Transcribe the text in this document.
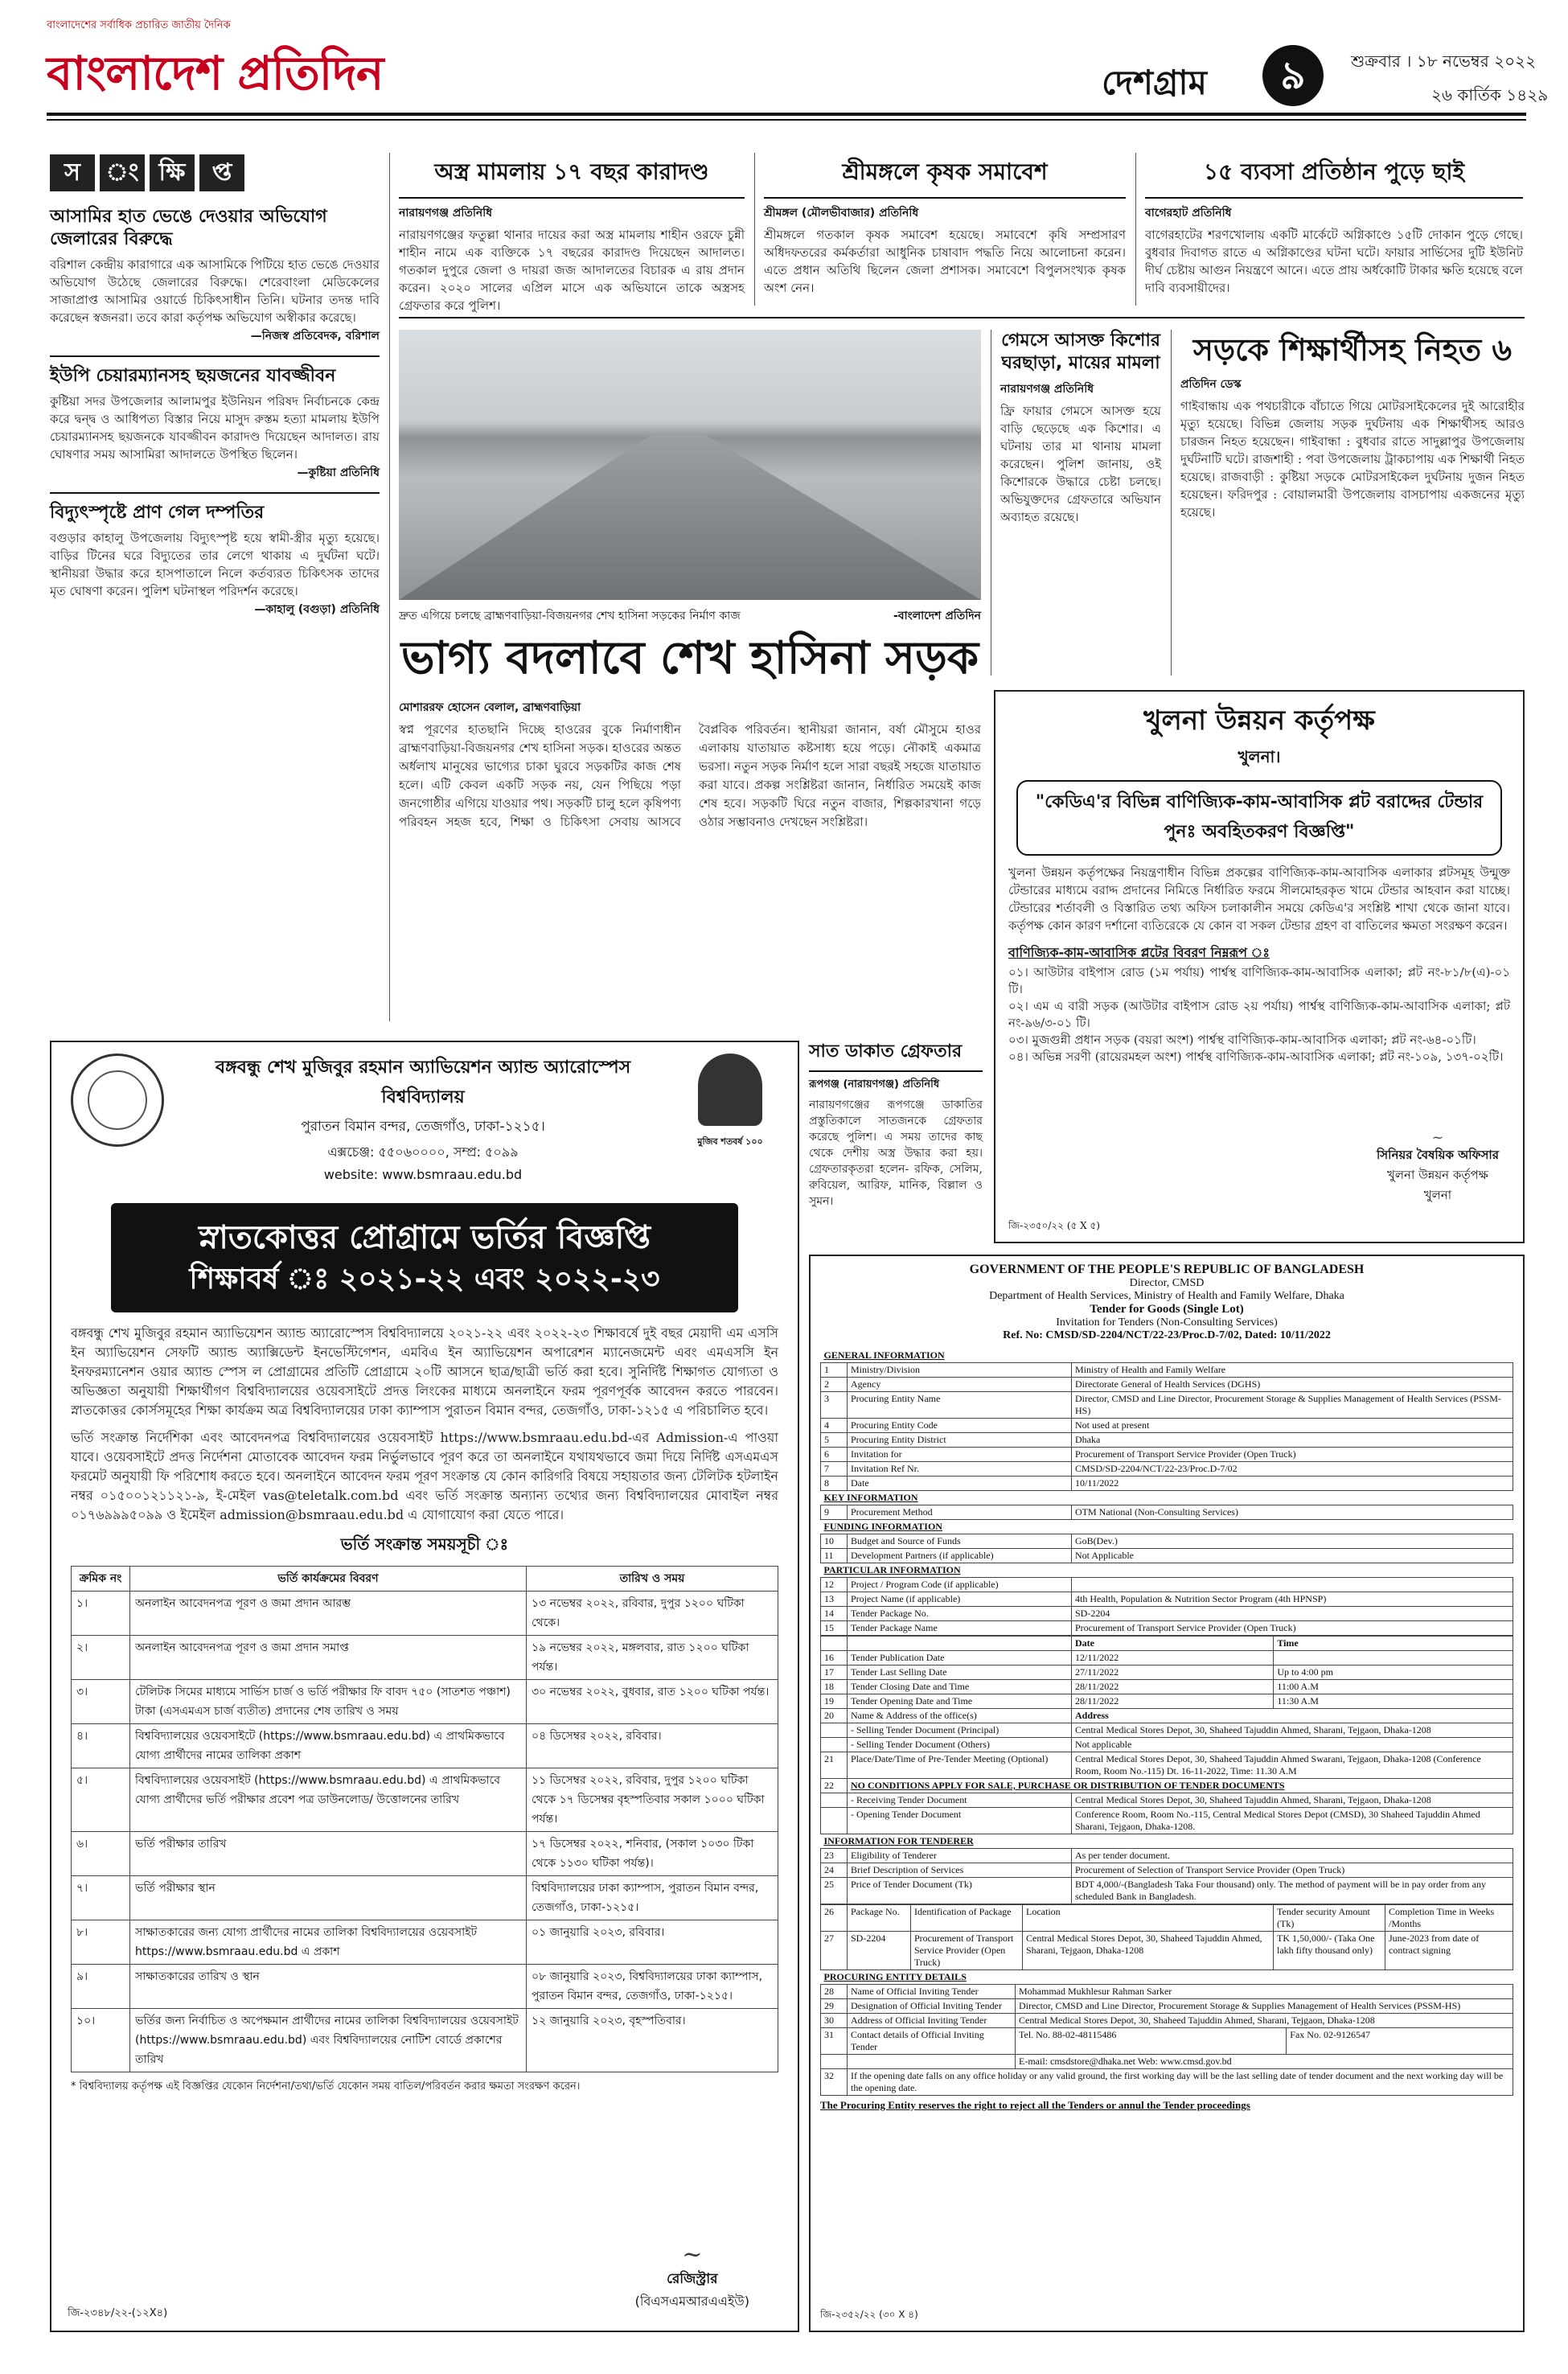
বাংলাদেশের সর্বাধিক প্রচারিত জাতীয় দৈনিক
বাংলাদেশ প্রতিদিন	দেশগ্রাম	৯	শুক্রবার । ১৮ নভেম্বর ২০২২
২৬ কার্তিক ১৪২৯
স	ং ক্ষি	প্ত
আসামির হাত ভেঙে দেওয়ার অভিযোগ জেলারের বিরুদ্ধে
বরিশাল কেন্দ্রীয় কারাগারে এক আসামিকে পিটিয়ে হাত ভেঙে দেওয়ার অভিযোগ উঠেছে জেলারের বিরুদ্ধে। শেরেবাংলা মেডিকেলের সাজাপ্রাপ্ত আসামির ওয়ার্ডে চিকিৎসাধীন তিনি। ঘটনার তদন্ত দাবি করেছেন স্বজনরা। তবে কারা কর্তৃপক্ষ অভিযোগ অস্বীকার করেছে।
—নিজস্ব প্রতিবেদক, বরিশাল
ইউপি চেয়ারম্যানসহ ছয়জনের যাবজ্জীবন
কুষ্টিয়া সদর উপজেলার আলামপুর ইউনিয়ন পরিষদ নির্বাচনকে কেন্দ্র করে দ্বন্দ্ব ও আধিপত্য বিস্তার নিয়ে মাসুদ রুস্তম হত্যা মামলায় ইউপি চেয়ারম্যানসহ ছয়জনকে যাবজ্জীবন কারাদণ্ড দিয়েছেন আদালত। রায় ঘোষণার সময় আসামিরা আদালতে উপস্থিত ছিলেন।
—কুষ্টিয়া প্রতিনিধি
বিদ্যুৎস্পৃষ্টে প্রাণ গেল দম্পতির
বগুড়ার কাহালু উপজেলায় বিদ্যুৎস্পৃষ্ট হয়ে স্বামী-স্ত্রীর মৃত্যু হয়েছে। বাড়ির টিনের ঘরে বিদ্যুতের তার লেগে থাকায় এ দুর্ঘটনা ঘটে। স্থানীয়রা উদ্ধার করে হাসপাতালে নিলে কর্তব্যরত চিকিৎসক তাদের মৃত ঘোষণা করেন। পুলিশ ঘটনাস্থল পরিদর্শন করেছে।
—কাহালু (বগুড়া) প্রতিনিধি
অস্ত্র মামলায় ১৭ বছর কারাদণ্ড
নারায়ণগঞ্জ প্রতিনিধি
নারায়ণগঞ্জের ফতুল্লা থানার দায়ের করা অস্ত্র মামলায় শাহীন ওরফে চুন্নী শাহীন নামে এক ব্যক্তিকে ১৭ বছরের কারাদণ্ড দিয়েছেন আদালত। গতকাল দুপুরে জেলা ও দায়রা জজ আদালতের বিচারক এ রায় প্রদান করেন। ২০২০ সালের এপ্রিল মাসে এক অভিযানে তাকে অস্ত্রসহ গ্রেফতার করে পুলিশ।
শ্রীমঙ্গলে কৃষক সমাবেশ
শ্রীমঙ্গল (মৌলভীবাজার) প্রতিনিধি
শ্রীমঙ্গলে গতকাল কৃষক সমাবেশ হয়েছে। সমাবেশে কৃষি সম্প্রসারণ অধিদফতরের কর্মকর্তারা আধুনিক চাষাবাদ পদ্ধতি নিয়ে আলোচনা করেন। এতে প্রধান অতিথি ছিলেন জেলা প্রশাসক। সমাবেশে বিপুলসংখ্যক কৃষক অংশ নেন।
১৫ ব্যবসা প্রতিষ্ঠান পুড়ে ছাই
বাগেরহাট প্রতিনিধি
বাগেরহাটের শরণখোলায় একটি মার্কেটে অগ্নিকাণ্ডে ১৫টি দোকান পুড়ে গেছে। বুধবার দিবাগত রাতে এ অগ্নিকাণ্ডের ঘটনা ঘটে। ফায়ার সার্ভিসের দুটি ইউনিট দীর্ঘ চেষ্টায় আগুন নিয়ন্ত্রণে আনে। এতে প্রায় অর্ধকোটি টাকার ক্ষতি হয়েছে বলে দাবি ব্যবসায়ীদের।
দ্রুত এগিয়ে চলছে ব্রাহ্মণবাড়িয়া-বিজয়নগর শেখ হাসিনা সড়কের নির্মাণ কাজ	-বাংলাদেশ প্রতিদিন
ভাগ্য বদলাবে শেখ হাসিনা সড়ক
মোশাররফ হোসেন বেলাল, ব্রাহ্মণবাড়িয়া
স্বপ্ন পূরণের হাতছানি দিচ্ছে হাওরের বুকে নির্মাণাধীন ব্রাহ্মণবাড়িয়া-বিজয়নগর শেখ হাসিনা সড়ক। হাওরের অন্তত অর্ধলাখ মানুষের ভাগ্যের চাকা ঘুরবে সড়কটির কাজ শেষ হলে। এটি কেবল একটি সড়ক নয়, যেন পিছিয়ে পড়া জনগোষ্ঠীর এগিয়ে যাওয়ার পথ। সড়কটি চালু হলে কৃষিপণ্য পরিবহন সহজ হবে, শিক্ষা ও চিকিৎসা সেবায় আসবে বৈপ্লবিক পরিবর্তন। স্থানীয়রা জানান, বর্ষা মৌসুমে হাওর এলাকায় যাতায়াত কষ্টসাধ্য হয়ে পড়ে। নৌকাই একমাত্র ভরসা। নতুন সড়ক নির্মাণ হলে সারা বছরই সহজে যাতায়াত করা যাবে। প্রকল্প সংশ্লিষ্টরা জানান, নির্ধারিত সময়েই কাজ শেষ হবে। সড়কটি ঘিরে নতুন বাজার, শিল্পকারখানা গড়ে ওঠার সম্ভাবনাও দেখছেন সংশ্লিষ্টরা।
গেমসে আসক্ত কিশোর ঘরছাড়া, মায়ের মামলা
নারায়ণগঞ্জ প্রতিনিধি
ফ্রি ফায়ার গেমসে আসক্ত হয়ে বাড়ি ছেড়েছে এক কিশোর। এ ঘটনায় তার মা থানায় মামলা করেছেন। পুলিশ জানায়, ওই কিশোরকে উদ্ধারে চেষ্টা চলছে। অভিযুক্তদের গ্রেফতারে অভিযান অব্যাহত রয়েছে।
সড়কে শিক্ষার্থীসহ নিহত ৬
প্রতিদিন ডেস্ক
গাইবান্ধায় এক পথচারীকে বাঁচাতে গিয়ে মোটরসাইকেলের দুই আরোহীর মৃত্যু হয়েছে। বিভিন্ন জেলায় সড়ক দুর্ঘটনায় এক শিক্ষার্থীসহ আরও চারজন নিহত হয়েছেন। গাইবান্ধা : বুধবার রাতে সাদুল্লাপুর উপজেলায় দুর্ঘটনাটি ঘটে। রাজশাহী : পবা উপজেলায় ট্রাকচাপায় এক শিক্ষার্থী নিহত হয়েছে। রাজবাড়ী : কুষ্টিয়া সড়কে মোটরসাইকেল দুর্ঘটনায় দুজন নিহত হয়েছেন। ফরিদপুর : বোয়ালমারী উপজেলায় বাসচাপায় একজনের মৃত্যু হয়েছে।
খুলনা উন্নয়ন কর্তৃপক্ষ
খুলনা।
"কেডিএ'র বিভিন্ন বাণিজ্যিক-কাম-আবাসিক প্লট বরাদ্দের টেন্ডার পুনঃ অবহিতকরণ বিজ্ঞপ্তি"
খুলনা উন্নয়ন কর্তৃপক্ষের নিয়ন্ত্রণাধীন বিভিন্ন প্রকল্পের বাণিজ্যিক-কাম-আবাসিক এলাকার প্লটসমূহ উন্মুক্ত টেন্ডারের মাধ্যমে বরাদ্দ প্রদানের নিমিত্তে নির্ধারিত ফরমে সীলমোহরকৃত খামে টেন্ডার আহবান করা যাচ্ছে। টেন্ডারের শর্তাবলী ও বিস্তারিত তথ্য অফিস চলাকালীন সময়ে কেডিএ'র সংশ্লিষ্ট শাখা থেকে জানা যাবে। কর্তৃপক্ষ কোন কারণ দর্শানো ব্যতিরেকে যে কোন বা সকল টেন্ডার গ্রহণ বা বাতিলের ক্ষমতা সংরক্ষণ করেন।
বাণিজ্যিক-কাম-আবাসিক প্লটের বিবরণ নিম্নরূপ ঃ
০১। আউটার বাইপাস রোড (১ম পর্যায়) পার্শ্বস্থ বাণিজ্যিক-কাম-আবাসিক এলাকা; প্লট নং-৮১/৮(এ)-০১ টি।
০২। এম এ বারী সড়ক (আউটার বাইপাস রোড ২য় পর্যায়) পার্শ্বস্থ বাণিজ্যিক-কাম-আবাসিক এলাকা; প্লট নং-৯৬/৩-০১ টি।
০৩। মুজগুন্নী প্রধান সড়ক (বয়রা অংশ) পার্শ্বস্থ বাণিজ্যিক-কাম-আবাসিক এলাকা; প্লট নং-৬৪-০১টি।
০৪। অভিন্ন সরণী (রায়েরমহল অংশ) পার্শ্বস্থ বাণিজ্যিক-কাম-আবাসিক এলাকা; প্লট নং-১০৯, ১৩৭-০২টি।
~
সিনিয়র বৈষয়িক অফিসার
খুলনা উন্নয়ন কর্তৃপক্ষ
খুলনা
জি-২৩৫০/২২ (৫ X ৫)
সাত ডাকাত গ্রেফতার
রূপগঞ্জ (নারায়ণগঞ্জ) প্রতিনিধি
নারায়ণগঞ্জের রূপগঞ্জে ডাকাতির প্রস্তুতিকালে সাতজনকে গ্রেফতার করেছে পুলিশ। এ সময় তাদের কাছ থেকে দেশীয় অস্ত্র উদ্ধার করা হয়। গ্রেফতারকৃতরা হলেন- রফিক, সেলিম, রুবিয়েল, আরিফ, মানিক, বিল্লাল ও সুমন।
বঙ্গবন্ধু শেখ মুজিবুর রহমান অ্যাভিয়েশন অ্যান্ড অ্যারোস্পেস বিশ্ববিদ্যালয়
পুরাতন বিমান বন্দর, তেজগাঁও, ঢাকা-১২১৫।
এক্সচেঞ্জ: ৫৫০৬০০০০, সম্প্র: ৫০৯৯
website: www.bsmraau.edu.bd
মুজিব শতবর্ষ ১০০
স্নাতকোত্তর প্রোগ্রামে ভর্তির বিজ্ঞপ্তি
শিক্ষাবর্ষ ঃ ২০২১-২২ এবং ২০২২-২৩
বঙ্গবন্ধু শেখ মুজিবুর রহমান অ্যাভিয়েশন অ্যান্ড অ্যারোস্পেস বিশ্ববিদ্যালয়ে ২০২১-২২ এবং ২০২২-২৩ শিক্ষাবর্ষে দুই বছর মেয়াদী এম এসসি ইন অ্যাভিয়েশন সেফটি অ্যান্ড অ্যাক্সিডেন্ট ইনভেস্টিগেশন, এমবিএ ইন অ্যাভিয়েশন অপারেশন ম্যানেজমেন্ট এবং এমএসসি ইন ইনফরম্যানেশন ওয়ার অ্যান্ড স্পেস ল প্রোগ্রামের প্রতিটি প্রোগ্রামে ২০টি আসনে ছাত্র/ছাত্রী ভর্তি করা হবে। সুনির্দিষ্ট শিক্ষাগত যোগ্যতা ও অভিজ্ঞতা অনুযায়ী শিক্ষার্থীগণ বিশ্ববিদ্যালয়ের ওয়েবসাইটে প্রদত্ত লিংকের মাধ্যমে অনলাইনে ফরম পূরণপূর্বক আবেদন করতে পারবেন। স্নাতকোত্তর কোর্সসমূহের শিক্ষা কার্যক্রম অত্র বিশ্ববিদ্যালয়ের ঢাকা ক্যাম্পাস পুরাতন বিমান বন্দর, তেজগাঁও, ঢাকা-১২১৫ এ পরিচালিত হবে।
ভর্তি সংক্রান্ত নির্দেশিকা এবং আবেদনপত্র বিশ্ববিদ্যালয়ের ওয়েবসাইট https://www.bsmraau.edu.bd-এর Admission-এ পাওয়া যাবে। ওয়েবসাইটে প্রদত্ত নির্দেশনা মোতাবেক আবেদন ফরম নির্ভুলভাবে পূরণ করে তা অনলাইনে যথাযথভাবে জমা দিয়ে নির্দিষ্ট এসএমএস ফরমেট অনুযায়ী ফি পরিশোধ করতে হবে। অনলাইনে আবেদন ফরম পূরণ সংক্রান্ত যে কোন কারিগরি বিষয়ে সহায়তার জন্য টেলিটক হটলাইন নম্বর ০১৫০০১২১১২১-৯, ই-মেইল vas@teletalk.com.bd এবং ভর্তি সংক্রান্ত অন্যান্য তথ্যের জন্য বিশ্ববিদ্যালয়ের মোবাইল নম্বর ০১৭৬৯৯৯৫০৯৯ ও ইমেইল admission@bsmraau.edu.bd এ যোগাযোগ করা যেতে পারে।
ভর্তি সংক্রান্ত সময়সূচী ঃ
ক্রমিক নং	ভর্তি কার্যক্রমের বিবরণ	তারিখ ও সময়
১।	অনলাইন আবেদনপত্র পূরণ ও জমা প্রদান আরম্ভ	১৩ নভেম্বর ২০২২, রবিবার, দুপুর ১২০০ ঘটিকা থেকে।
২।	অনলাইন আবেদনপত্র পূরণ ও জমা প্রদান সমাপ্ত	১৯ নভেম্বর ২০২২, মঙ্গলবার, রাত ১২০০ ঘটিকা পর্যন্ত।
৩।	টেলিটক সিমের মাধ্যমে সার্ভিস চার্জ ও ভর্তি পরীক্ষার ফি বাবদ ৭৫০ (সাতশত পঞ্চাশ) টাকা (এসএমএস চার্জ ব্যতীত) প্রদানের শেষ তারিখ ও সময়	৩০ নভেম্বর ২০২২, বুধবার, রাত ১২০০ ঘটিকা পর্যন্ত।
৪।	বিশ্ববিদ্যালয়ের ওয়েবসাইটে (https://www.bsmraau.edu.bd) এ প্রাথমিকভাবে যোগ্য প্রার্থীদের নামের তালিকা প্রকাশ	০৪ ডিসেম্বর ২০২২, রবিবার।
৫।	বিশ্ববিদ্যালয়ের ওয়েবসাইট (https://www.bsmraau.edu.bd) এ প্রাথমিকভাবে যোগ্য প্রার্থীদের ভর্তি পরীক্ষার প্রবেশ পত্র ডাউনলোড/ উত্তোলনের তারিখ	১১ ডিসেম্বর ২০২২, রবিবার, দুপুর ১২০০ ঘটিকা থেকে ১৭ ডিসেম্বর বৃহস্পতিবার সকাল ১০০০ ঘটিকা পর্যন্ত।
৬।	ভর্তি পরীক্ষার তারিখ	১৭ ডিসেম্বর ২০২২, শনিবার, (সকাল ১০৩০ টিকা থেকে ১১৩০ ঘটিকা পর্যন্ত)।
৭।	ভর্তি পরীক্ষার স্থান	বিশ্ববিদ্যালয়ের ঢাকা ক্যাম্পাস, পুরাতন বিমান বন্দর, তেজগাঁও, ঢাকা-১২১৫।
৮।	সাক্ষাতকারের জন্য যোগ্য প্রার্থীদের নামের তালিকা বিশ্ববিদ্যালয়ের ওয়েবসাইট https://www.bsmraau.edu.bd এ প্রকাশ	০১ জানুয়ারি ২০২৩, রবিবার।
৯।	সাক্ষাতকারের তারিখ ও স্থান	০৮ জানুয়ারি ২০২৩, বিশ্ববিদ্যালয়ের ঢাকা ক্যাম্পাস, পুরাতন বিমান বন্দর, তেজগাঁও, ঢাকা-১২১৫।
১০।	ভর্তির জন্য নির্বাচিত ও অপেক্ষমান প্রার্থীদের নামের তালিকা বিশ্ববিদ্যালয়ের ওয়েবসাইট (https://www.bsmraau.edu.bd) এবং বিশ্ববিদ্যালয়ের নোটিশ বোর্ডে প্রকাশের তারিখ	১২ জানুয়ারি ২০২৩, বৃহস্পতিবার।
* বিশ্ববিদ্যালয় কর্তৃপক্ষ এই বিজ্ঞপ্তির যেকোন নির্দেশনা/তথ্য/ভর্তি যেকোন সময় বাতিল/পরিবর্তন করার ক্ষমতা সংরক্ষণ করেন।
~
রেজিস্ট্রার
(বিএসএমআরএএইউ)
জি-২৩৪৮/২২-(১২X৪)
GOVERNMENT OF THE PEOPLE'S REPUBLIC OF BANGLADESH
Director, CMSD
Department of Health Services, Ministry of Health and Family Welfare, Dhaka
Tender for Goods (Single Lot)
Invitation for Tenders (Non-Consulting Services)
Ref. No: CMSD/SD-2204/NCT/22-23/Proc.D-7/02, Dated: 10/11/2022
GENERAL INFORMATION		
1	Ministry/Division	Ministry of Health and Family Welfare
2	Agency	Directorate General of Health Services (DGHS)
3	Procuring Entity Name	Director, CMSD and Line Director, Procurement Storage & Supplies Management of Health Services (PSSM-HS)
4	Procuring Entity Code	Not used at present
5	Procuring Entity District	Dhaka
6	Invitation for	Procurement of Transport Service Provider (Open Truck)
7	Invitation Ref Nr.	CMSD/SD-2204/NCT/22-23/Proc.D-7/02
8	Date	10/11/2022
KEY INFORMATION		
9	Procurement Method	OTM National (Non-Consulting Services)
FUNDING INFORMATION		
10	Budget and Source of Funds	GoB(Dev.)
11	Development Partners (if applicable)	Not Applicable
PARTICULAR INFORMATION		
12	Project / Program Code (if applicable)	
13	Project Name (if applicable)	4th Health, Population & Nutrition Sector Program (4th HPNSP)
14	Tender Package No.	SD-2204
15	Tender Package Name	Procurement of Transport Service Provider (Open Truck)
		Date	Time
16	Tender Publication Date	12/11/2022	
17	Tender Last Selling Date	27/11/2022	Up to 4:00 pm
18	Tender Closing Date and Time	28/11/2022	11:00 A.M
19	Tender Opening Date and Time	28/11/2022	11:30 A.M
20	Name & Address of the office(s)	Address	
	- Selling Tender Document (Principal)	Central Medical Stores Depot, 30, Shaheed Tajuddin Ahmed, Sharani, Tejgaon, Dhaka-1208	
	- Selling Tender Document (Others)	Not applicable	
21	Place/Date/Time of Pre-Tender Meeting (Optional)	Central Medical Stores Depot, 30, Shaheed Tajuddin Ahmed Swarani, Tejgaon, Dhaka-1208 (Conference Room, Room No.-115) Dt. 16-11-2022, Time: 11.30 A.M	
22	NO CONDITIONS APPLY FOR SALE, PURCHASE OR DISTRIBUTION OF TENDER DOCUMENTS		
	- Receiving Tender Document	Central Medical Stores Depot, 30, Shaheed Tajuddin Ahmed, Sharani, Tejgaon, Dhaka-1208	
	- Opening Tender Document	Conference Room, Room No.-115, Central Medical Stores Depot (CMSD), 30 Shaheed Tajuddin Ahmed Sharani, Tejgaon, Dhaka-1208.	
INFORMATION FOR TENDERER			
23	Eligibility of Tenderer	As per tender document.	
24	Brief Description of Services	Procurement of Selection of Transport Service Provider (Open Truck)	
25	Price of Tender Document (Tk)	BDT 4,000/-(Bangladesh Taka Four thousand) only. The method of payment will be in pay order from any scheduled Bank in Bangladesh.	
26	Package No.	Identification of Package	Location	Tender security Amount (Tk)	Completion Time in Weeks /Months
27	SD-2204	Procurement of Transport Service Provider (Open Truck)	Central Medical Stores Depot, 30, Shaheed Tajuddin Ahmed, Sharani, Tejgaon, Dhaka-1208	TK 1,50,000/- (Taka One lakh fifty thousand only)	June-2023 from date of contract signing
PROCURING ENTITY DETAILS			
28	Name of Official Inviting Tender	Mohammad Mukhlesur Rahman Sarker	
29	Designation of Official Inviting Tender	Director, CMSD and Line Director, Procurement Storage & Supplies Management of Health Services (PSSM-HS)	
30	Address of Official Inviting Tender	Central Medical Stores Depot, 30, Shaheed Tajuddin Ahmed, Sharani, Tejgaon, Dhaka-1208	
31	Contact details of Official Inviting Tender	Tel. No. 88-02-48115486	Fax No. 02-9126547
		E-mail: cmsdstore@dhaka.net Web: www.cmsd.gov.bd	
32	If the opening date falls on any office holiday or any valid ground, the first working day will be the last selling date of tender document and the next working day will be the opening date.		
The Procuring Entity reserves the right to reject all the Tenders or annul the Tender proceedings
জি-২৩৫২/২২ (৩০ X ৪)
